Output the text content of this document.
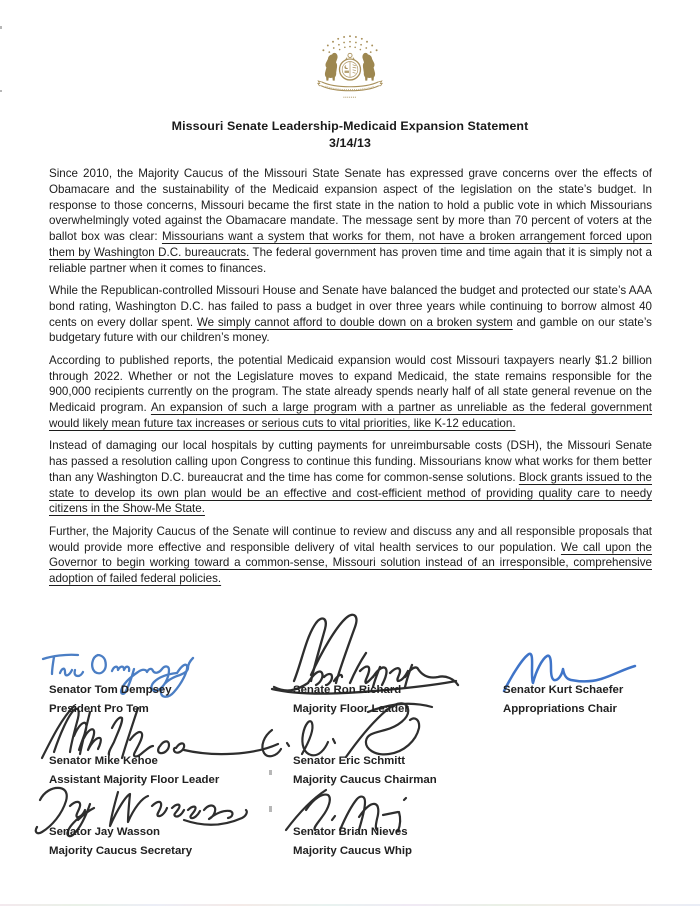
Missouri Senate Leadership-Medicaid Expansion Statement
3/14/13

Since 2010, the Majority Caucus of the Missouri State Senate has expressed grave concerns over the effects of Obamacare and the sustainability of the Medicaid expansion aspect of the legislation on the state’s budget. In response to those concerns, Missouri became the first state in the nation to hold a public vote in which Missourians overwhelmingly voted against the Obamacare mandate. The message sent by more than 70 percent of voters at the ballot box was clear: Missourians want a system that works for them, not have a broken arrangement forced upon them by Washington D.C. bureaucrats. The federal government has proven time and time again that it is simply not a reliable partner when it comes to finances.

While the Republican-controlled Missouri House and Senate have balanced the budget and protected our state’s AAA bond rating, Washington D.C. has failed to pass a budget in over three years while continuing to borrow almost 40 cents on every dollar spent. We simply cannot afford to double down on a broken system and gamble on our state’s budgetary future with our children’s money.

According to published reports, the potential Medicaid expansion would cost Missouri taxpayers nearly $1.2 billion through 2022. Whether or not the Legislature moves to expand Medicaid, the state remains responsible for the 900,000 recipients currently on the program. The state already spends nearly half of all state general revenue on the Medicaid program. An expansion of such a large program with a partner as unreliable as the federal government would likely mean future tax increases or serious cuts to vital priorities, like K-12 education.

Instead of damaging our local hospitals by cutting payments for unreimbursable costs (DSH), the Missouri Senate has passed a resolution calling upon Congress to continue this funding. Missourians know what works for them better than any Washington D.C. bureaucrat and the time has come for common-sense solutions. Block grants issued to the state to develop its own plan would be an effective and cost-efficient method of providing quality care to needy citizens in the Show-Me State.

Further, the Majority Caucus of the Senate will continue to review and discuss any and all responsible proposals that would provide more effective and responsible delivery of vital health services to our population. We call upon the Governor to begin working toward a common-sense, Missouri solution instead of an irresponsible, comprehensive adoption of failed federal policies.

Senator Tom Dempsey
President Pro Tem
Senate Ron Richard
Majority Floor Leader
Senator Kurt Schaefer
Appropriations Chair
Senator Mike Kehoe
Assistant Majority Floor Leader
Senator Eric Schmitt
Majority Caucus Chairman
Senator Jay Wasson
Majority Caucus Secretary
Senator Brian Nieves
Majority Caucus Whip
